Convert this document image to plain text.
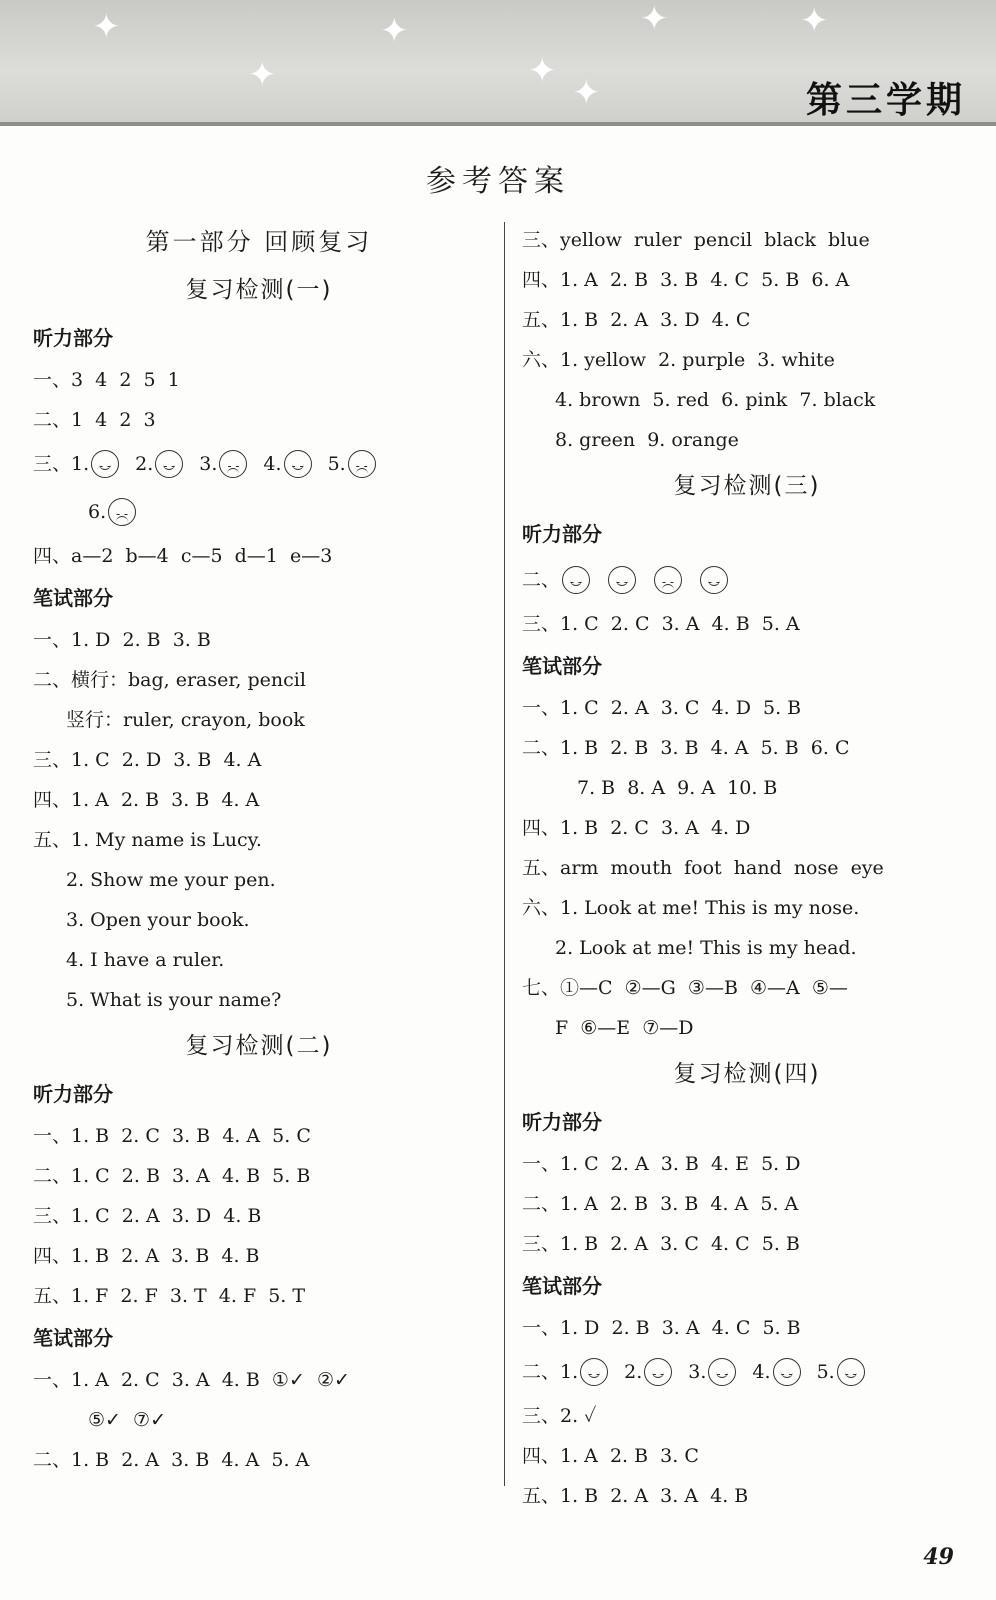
✦
✦
✦
✦
✦
✦	✦
第三学期
参考答案
第一部分 回顾复习
复习检测(一)
听力部分
一、3  4  2  5  1
二、1  4  2  3
三、1. - - 2. - - 3. - - 4. - - 5.
- -
6.
- -
四、a—2  b—4  c—5  d—1  e—3
笔试部分
一、1. D  2. B  3. B
二、横行：bag, eraser, pencil
竖行：ruler, crayon, book
三、1. C  2. D  3. B  4. A
四、1. A  2. B  3. B  4. A
五、1. My name is Lucy.
2. Show me your pen.
3. Open your book.
4. I have a ruler.
5. What is your name?
复习检测(二)
听力部分
一、1. B  2. C  3. B  4. A  5. C
二、1. C  2. B  3. A  4. B  5. B
三、1. C  2. A  3. D  4. B
四、1. B  2. A  3. B  4. B
五、1. F  2. F  3. T  4. F  5. T
笔试部分
一、1. A  2. C  3. A  4. B  ①✓  ②✓
⑤✓  ⑦✓
二、1. B  2. A  3. B  4. A  5. A
三、yellow  ruler  pencil  black  blue
四、1. A  2. B  3. B  4. C  5. B  6. A
五、1. B  2. A  3. D  4. C
六、1. yellow  2. purple  3. white
4. brown  5. red  6. pink  7. black
8. green  9. orange
复习检测(三)
听力部分
二、
- -
- -
- -
- -
三、1. C  2. C  3. A  4. B  5. A
笔试部分
一、1. C  2. A  3. C  4. D  5. B
二、1. B  2. B  3. B  4. A  5. B  6. C
7. B  8. A  9. A  10. B
四、1. B  2. C  3. A  4. D
五、arm  mouth  foot  hand  nose  eye
六、1. Look at me! This is my nose.
2. Look at me! This is my head.
七、①—C  ②—G  ③—B  ④—A  ⑤—
F  ⑥—E  ⑦—D
复习检测(四)
听力部分
一、1. C  2. A  3. B  4. E  5. D
二、1. A  2. B  3. B  4. A  5. A
三、1. B  2. A  3. C  4. C  5. B
笔试部分
一、1. D  2. B  3. A  4. C  5. B
二、1. - - 2. - - 3. - - 4. - - 5.
- -
三、2. ✓
四、1. A  2. B  3. C
五、1. B  2. A  3. A  4. B
49
